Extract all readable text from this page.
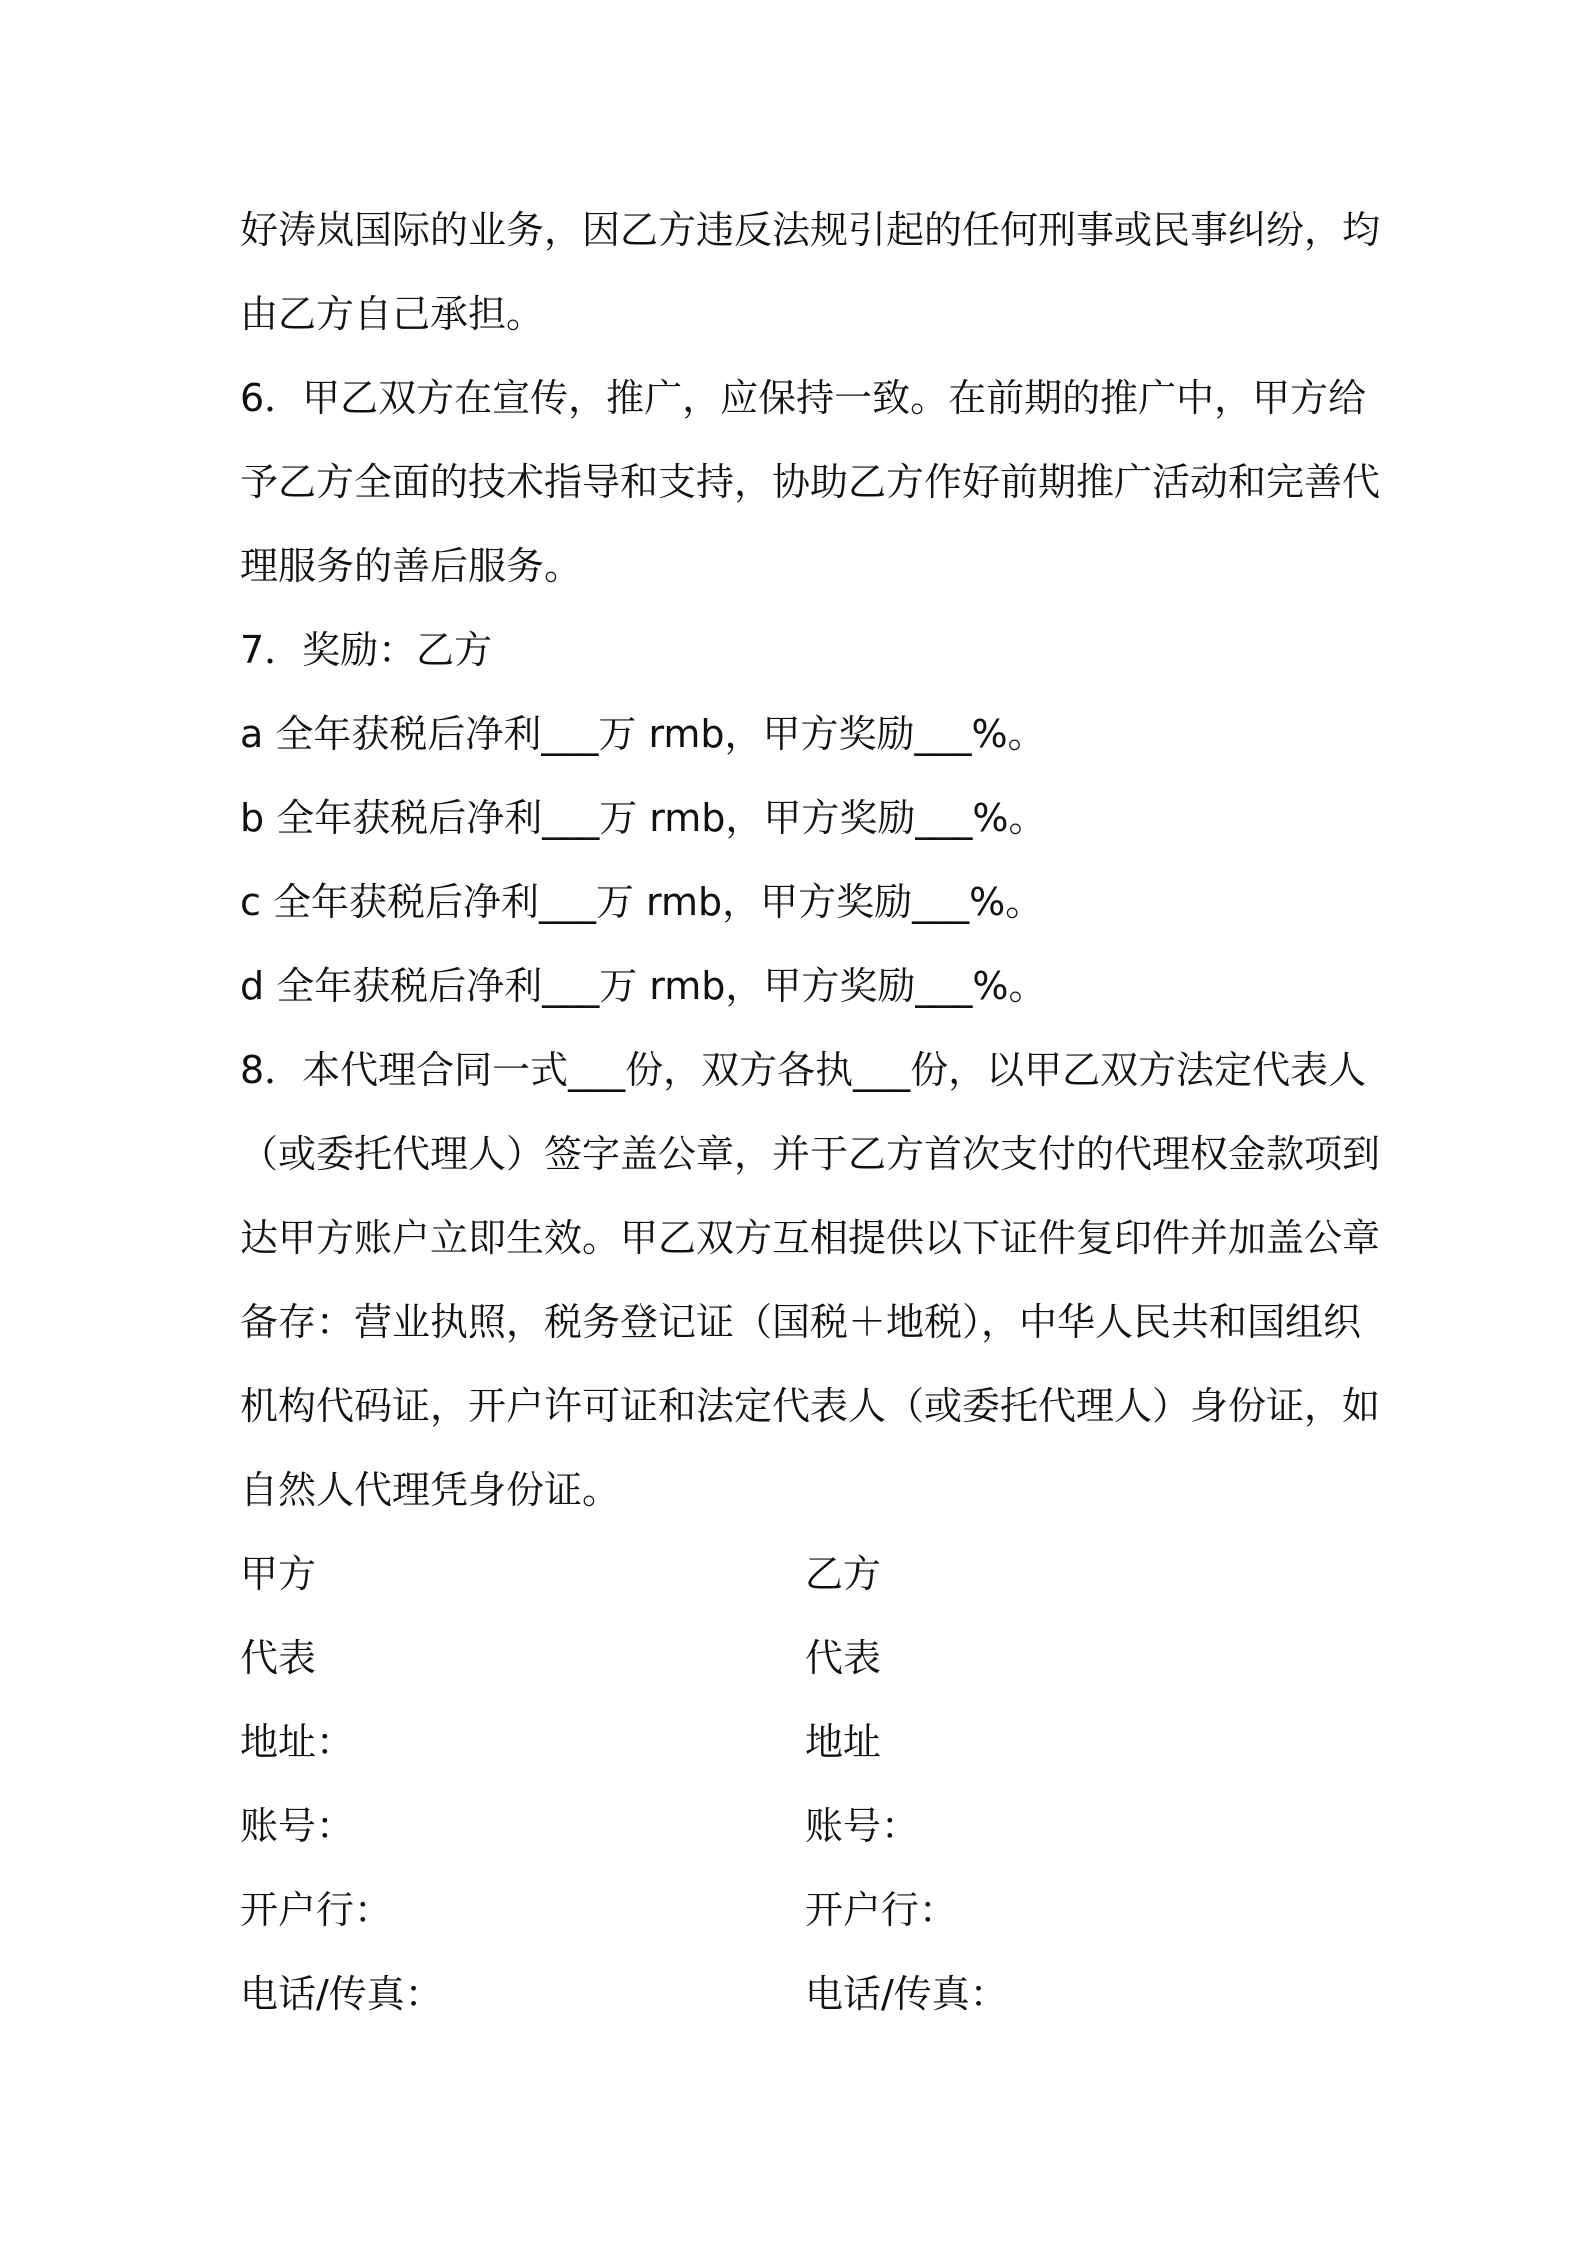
好涛岚国际的业务，因乙方违反法规引起的任何刑事或民事纠纷，均
由乙方自己承担。
6．甲乙双方在宣传，推广，应保持一致。在前期的推广中，甲方给
予乙方全面的技术指导和支持，协助乙方作好前期推广活动和完善代
理服务的善后服务。
7．奖励：乙方
a 全年获税后净利___万 rmb，甲方奖励___%。
b 全年获税后净利___万 rmb，甲方奖励___%。
c 全年获税后净利___万 rmb，甲方奖励___%。
d 全年获税后净利___万 rmb，甲方奖励___%。
8．本代理合同一式___份，双方各执___份，以甲乙双方法定代表人
（或委托代理人）签字盖公章，并于乙方首次支付的代理权金款项到
达甲方账户立即生效。甲乙双方互相提供以下证件复印件并加盖公章
备存：营业执照，税务登记证（国税＋地税），中华人民共和国组织
机构代码证，开户许可证和法定代表人（或委托代理人）身份证，如
自然人代理凭身份证。
甲方	乙方
代表	代表
地址：	地址
账号：	账号：
开户行：	开户行：
电话/传真：	电话/传真：
